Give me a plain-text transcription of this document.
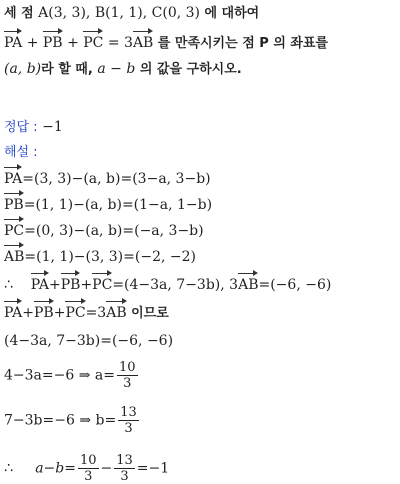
세 점 A(3, 3), B(1, 1), C(0, 3) 에 대하여
PA + PB + PC = 3AB 를 만족시키는 점 P 의 좌표를
(a, b)라 할 때, a − b 의 값을 구하시오.
정답 : −1
해설 :
PA=(3, 3)−(a, b)=(3−a, 3−b)
PB=(1, 1)−(a, b)=(1−a, 1−b)
PC=(0, 3)−(a, b)=(−a, 3−b)
AB=(1, 1)−(3, 3)=(−2, −2)
∴ PA+PB+PC=(4−3a, 7−3b), 3AB=(−6, −6)
PA+PB+PC=3AB 이므로
(4−3a, 7−3b)=(−6, −6)
4−3a=−6 ⇒ $a= \frac{10}{3}$
7−3b=−6 ⇒ $b= \frac{13}{3}$
∴ $a-b= \frac{10}{3} - \frac{13}{3} =-1$
